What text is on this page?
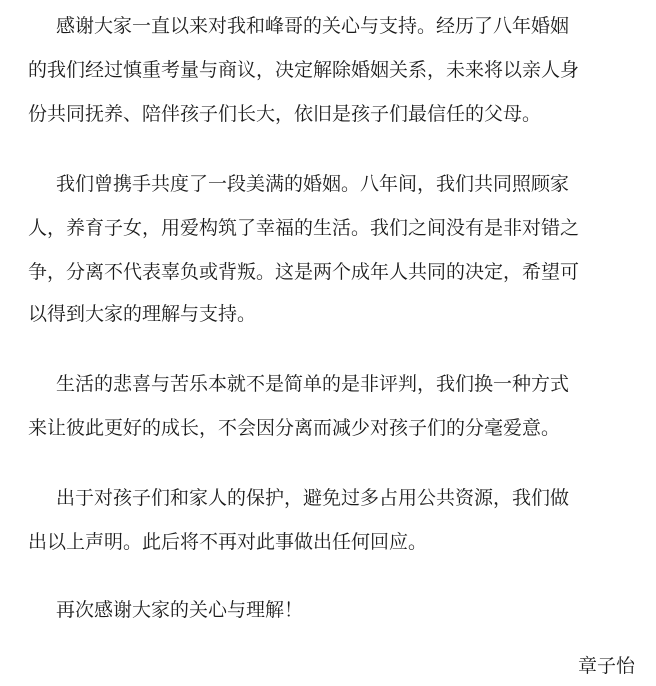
感谢大家一直以来对我和峰哥的关心与支持。经历了八年婚姻
的我们经过慎重考量与商议，决定解除婚姻关系，未来将以亲人身
份共同抚养、陪伴孩子们长大，依旧是孩子们最信任的父母。
我们曾携手共度了一段美满的婚姻。八年间，我们共同照顾家
人，养育子女，用爱构筑了幸福的生活。我们之间没有是非对错之
争，分离不代表辜负或背叛。这是两个成年人共同的决定，希望可
以得到大家的理解与支持。
生活的悲喜与苦乐本就不是简单的是非评判，我们换一种方式
来让彼此更好的成长，不会因分离而减少对孩子们的分毫爱意。
出于对孩子们和家人的保护，避免过多占用公共资源，我们做
出以上声明。此后将不再对此事做出任何回应。
再次感谢大家的关心与理解！
章子怡
